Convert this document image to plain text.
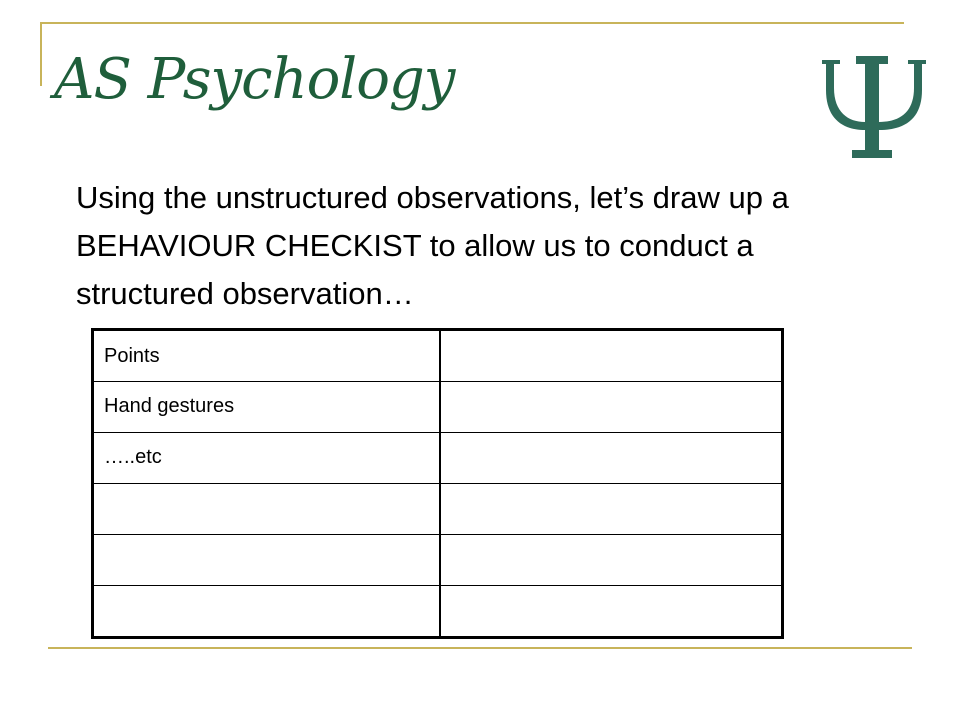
AS Psychology

Using the unstructured observations, let’s draw up a BEHAVIOUR CHECKIST to allow us to conduct a structured observation…

Points	
Hand gestures	
…..etc	
